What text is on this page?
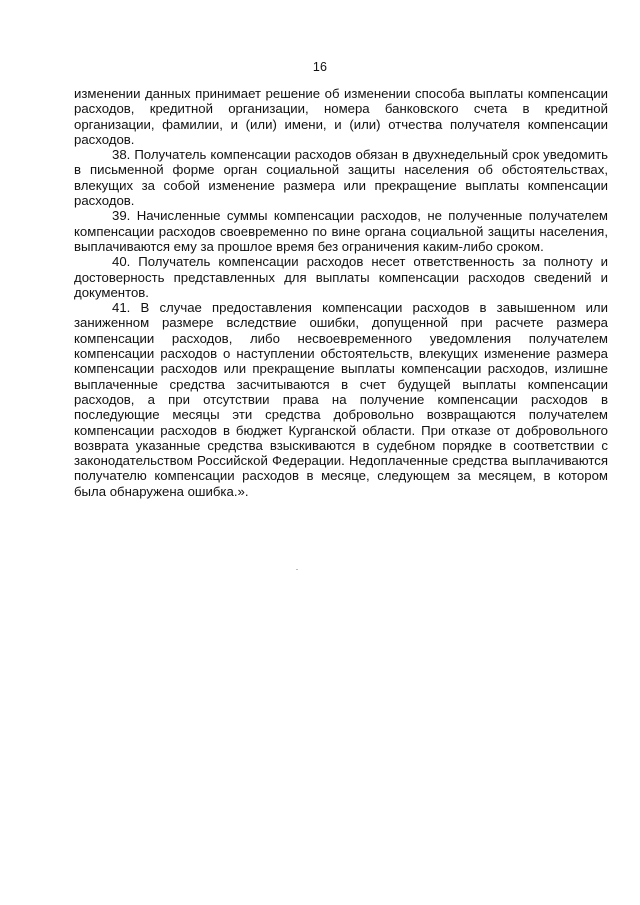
16

изменении данных принимает решение об изменении способа выплаты компенсации расходов, кредитной организации, номера банковского счета в кредитной организации, фамилии, и (или) имени, и (или) отчества получателя компенсации расходов.

38. Получатель компенсации расходов обязан в двухнедельный срок уведомить в письменной форме орган социальной защиты населения об обстоятельствах, влекущих за собой изменение размера или прекращение выплаты компенсации расходов.

39. Начисленные суммы компенсации расходов, не полученные получателем компенсации расходов своевременно по вине органа социальной защиты населения, выплачиваются ему за прошлое время без ограничения каким-либо сроком.

40. Получатель компенсации расходов несет ответственность за полноту и достоверность представленных для выплаты компенсации расходов сведений и документов.

41. В случае предоставления компенсации расходов в завышенном или заниженном размере вследствие ошибки, допущенной при расчете размера компенсации расходов, либо несвоевременного уведомления получателем компенсации расходов о наступлении обстоятельств, влекущих изменение размера компенсации расходов или прекращение выплаты компенсации расходов, излишне выплаченные средства засчитываются в счет будущей выплаты компенсации расходов, а при отсутствии права на получение компенсации расходов в последующие месяцы эти средства добровольно возвращаются получателем компенсации расходов в бюджет Курганской области. При отказе от добровольного возврата указанные средства взыскиваются в судебном порядке в соответствии с законодательством Российской Федерации. Недоплаченные средства выплачиваются получателю компенсации расходов в месяце, следующем за месяцем, в котором была обнаружена ошибка.».
